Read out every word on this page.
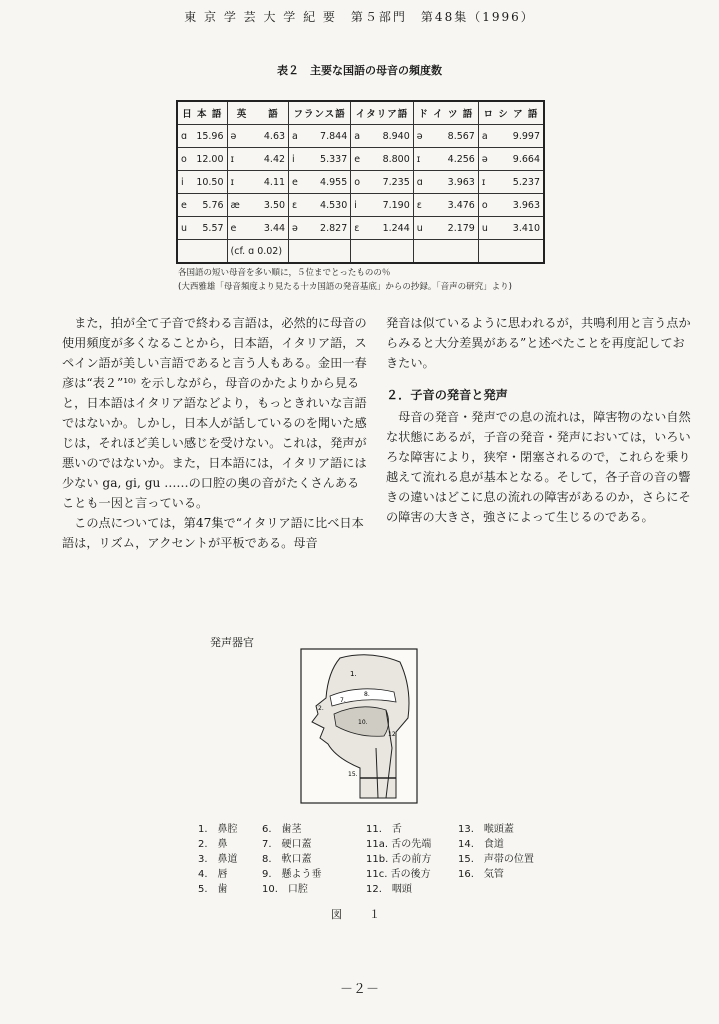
東 京 学 芸 大 学 紀 要　第５部門　第48集（1996）
表２　主要な国語の母音の頻度数
日 本 語	英　　語	フランス語	イタリア語	ド イ ツ 語	ロ シ ア 語
ɑ 15.96	ə 4.63	a 7.844	a 8.940	ə 8.567	a 9.997

o 12.00	ɪ 4.42	i 5.337	e 8.800	ɪ 4.256	ə 9.664

i 10.50	ɪ 4.11	e 4.955	o 7.235	ɑ 3.963	ɪ 5.237

e 5.76	æ 3.50	ɛ 4.530	i 7.190	ɛ 3.476	o 3.963

u 5.57	e 3.44	ə 2.827	ɛ 1.244	u 2.179	u 3.410

	(cf. ɑ 0.02)				
各国語の短い母音を多い順に，５位までとったものの％
(大西雅雄「母音頻度より見たる十カ国語の発音基底」からの抄録。「音声の研究」より)

　また，拍が全て子音で終わる言語は，必然的に母音の使用頻度が多くなることから，日本語，イタリア語，スペイン語が美しい言語であると言う人もある。金田一春彦は“表２”¹⁰⁾ を示しながら，母音のかたよりから見ると，日本語はイタリア語などより，もっときれいな言語ではないか。しかし，日本人が話しているのを聞いた感じは，それほど美しい感じを受けない。これは，発声が悪いのではないか。また，日本語には，イタリア語には少ない ga, gi, gu ……の口腔の奥の音がたくさんあることも一因と言っている。

　この点については，第47集で“イタリア語に比べ日本語は，リズム，アクセントが平板である。母音

発音は似ているように思われるが，共鳴利用と言う点からみると大分差異がある”と述べたことを再度記しておきたい。

２．子音の発音と発声

　母音の発音・発声での息の流れは，障害物のない自然な状態にあるが，子音の発音・発声においては，いろいろな障害により，狭窄・閉塞されるので，これらを乗り越えて流れる息が基本となる。そして，各子音の音の響きの違いはどこに息の流れの障害があるのか，さらにその障害の大きさ，強さによって生じるのである。

発声器官
1.
2.
7.
8.
10.
12
15.
1.　鼻腔
2.　鼻
3.　鼻道
4.　唇
5.　歯
6.　歯茎
7.　硬口蓋
8.　軟口蓋
9.　懸よう垂
10.　口腔
11.　舌
11a. 舌の先端
11b. 舌の前方
11c. 舌の後方
12.　咽頭
13.　喉頭蓋
14.　食道
15.　声帯の位置
16.　気管
図　１
－２－
